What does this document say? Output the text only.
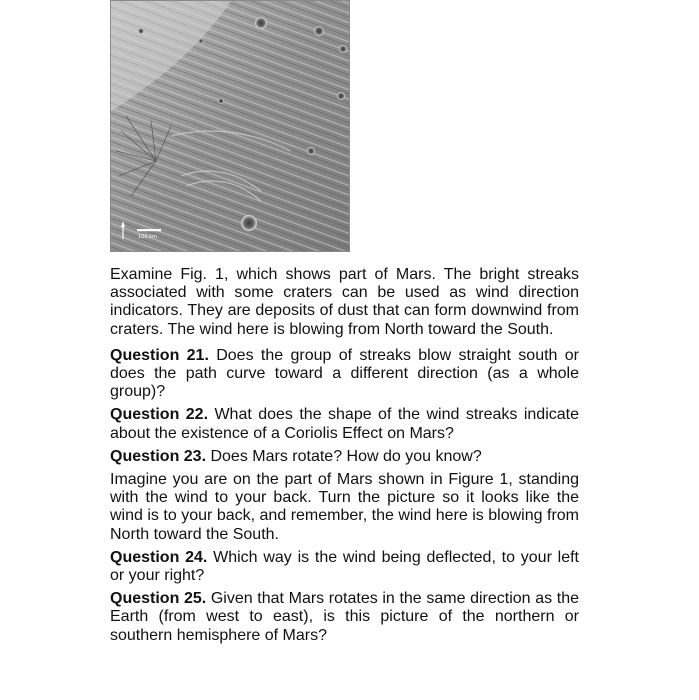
100 km

Examine Fig. 1, which shows part of Mars. The bright streaks associated with some craters can be used as wind direction indicators. They are deposits of dust that can form downwind from craters. The wind here is blowing from North toward the South.

Question 21. Does the group of streaks blow straight south or does the path curve toward a different direction (as a whole group)?

Question 22. What does the shape of the wind streaks indicate about the existence of a Coriolis Effect on Mars?

Question 23. Does Mars rotate? How do you know?

Imagine you are on the part of Mars shown in Figure 1, standing with the wind to your back. Turn the picture so it looks like the wind is to your back, and remember, the wind here is blowing from North toward the South.

Question 24. Which way is the wind being deflected, to your left or your right?

Question 25. Given that Mars rotates in the same direction as the Earth (from west to east), is this picture of the northern or southern hemisphere of Mars?
